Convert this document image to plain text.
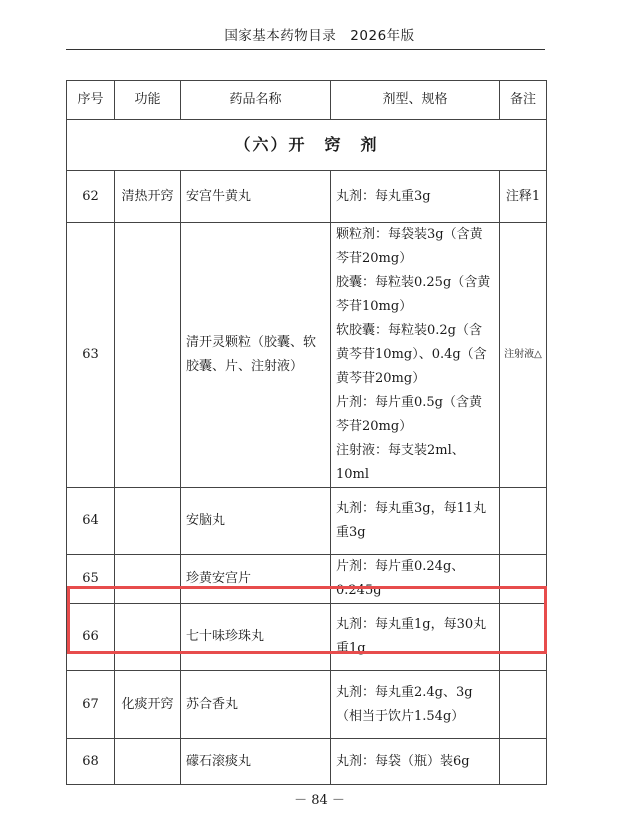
国家基本药物目录　2026年版
序号	功能	药品名称	剂型、规格	备注
（六）开　窍　剂				
62	清热开窍	安宫牛黄丸	丸剂：每丸重3g	注释1
63		清开灵颗粒（胶囊、软胶囊、片、注射液）	颗粒剂：每袋装3g（含黄芩苷20mg）
胶囊：每粒装0.25g（含黄芩苷10mg）
软胶囊：每粒装0.2g（含黄芩苷10mg）、0.4g（含黄芩苷20mg）
片剂：每片重0.5g（含黄芩苷20mg）
注射液：每支装2ml、10ml	注射液△
64		安脑丸	丸剂：每丸重3g，每11丸重3g	

65		珍黄安宫片	片剂：每片重0.24g、0.245g	

66		七十味珍珠丸	丸剂：每丸重1g，每30丸重1g	

67	化痰开窍	苏合香丸	丸剂：每丸重2.4g、3g（相当于饮片1.54g）	

68		礞石滚痰丸	丸剂：每袋（瓶）装6g	

－ 84 －
